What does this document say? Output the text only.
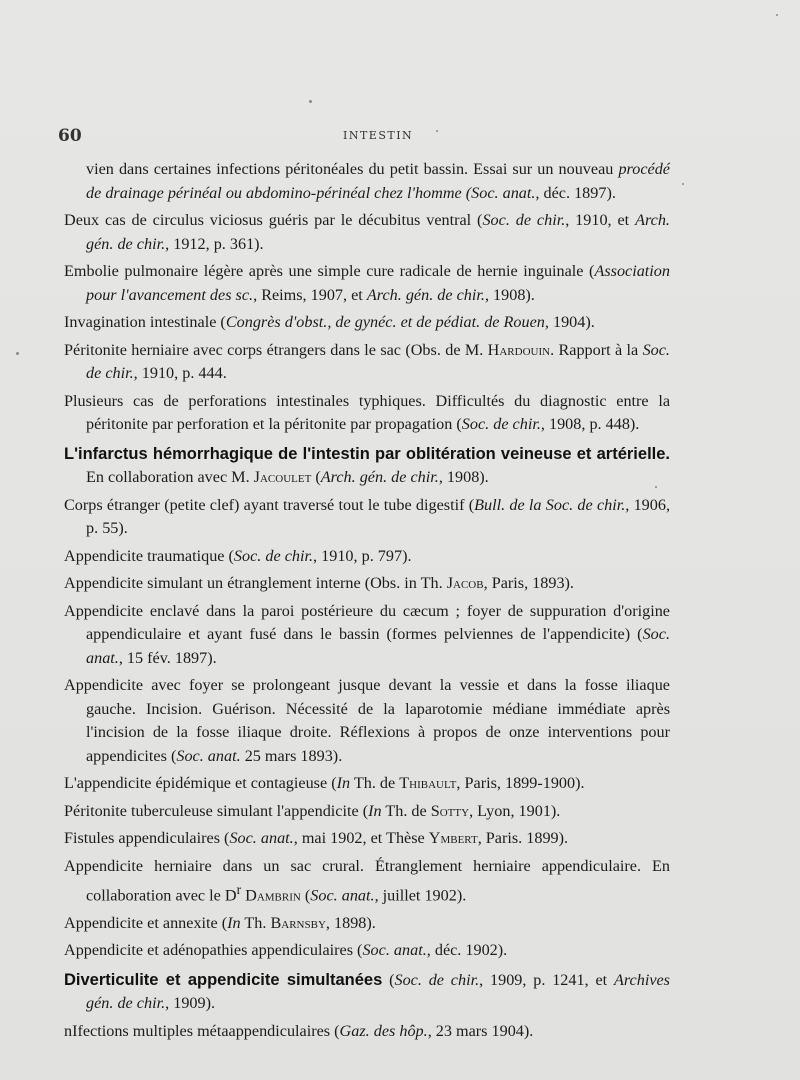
60	INTESTIN

vien dans certaines infections péritonéales du petit bassin. Essai sur un nouveau procédé de drainage périnéal ou abdomino-périnéal chez l'homme (Soc. anat., déc. 1897).

Deux cas de circulus viciosus guéris par le décubitus ventral (Soc. de chir., 1910, et Arch. gén. de chir., 1912, p. 361).

Embolie pulmonaire légère après une simple cure radicale de hernie inguinale (Association pour l'avancement des sc., Reims, 1907, et Arch. gén. de chir., 1908).

Invagination intestinale (Congrès d'obst., de gynéc. et de pédiat. de Rouen, 1904).

Péritonite herniaire avec corps étrangers dans le sac (Obs. de M. Hardouin. Rapport à la Soc. de chir., 1910, p. 444.

Plusieurs cas de perforations intestinales typhiques. Difficultés du diagnostic entre la péritonite par perforation et la péritonite par propagation (Soc. de chir., 1908, p. 448).

L'infarctus hémorrhagique de l'intestin par oblitération veineuse et artérielle. En collaboration avec M. Jacoulet (Arch. gén. de chir., 1908).

Corps étranger (petite clef) ayant traversé tout le tube digestif (Bull. de la Soc. de chir., 1906, p. 55).

Appendicite traumatique (Soc. de chir., 1910, p. 797).

Appendicite simulant un étranglement interne (Obs. in Th. Jacob, Paris, 1893).

Appendicite enclavé dans la paroi postérieure du cæcum ; foyer de suppuration d'origine appendiculaire et ayant fusé dans le bassin (formes pelviennes de l'appendicite) (Soc. anat., 15 fév. 1897).

Appendicite avec foyer se prolongeant jusque devant la vessie et dans la fosse iliaque gauche. Incision. Guérison. Nécessité de la laparotomie médiane immédiate après l'incision de la fosse iliaque droite. Réflexions à propos de onze interventions pour appendicites (Soc. anat. 25 mars 1893).

L'appendicite épidémique et contagieuse (In Th. de Thibault, Paris, 1899-1900).

Péritonite tuberculeuse simulant l'appendicite (In Th. de Sotty, Lyon, 1901).

Fistules appendiculaires (Soc. anat., mai 1902, et Thèse Ymbert, Paris. 1899).

Appendicite herniaire dans un sac crural. Étranglement herniaire appendiculaire. En collaboration avec le $D^r$ Dambrin (Soc. anat., juillet 1902).

Appendicite et annexite (In Th. Barnsby, 1898).

Appendicite et adénopathies appendiculaires (Soc. anat., déc. 1902).

Diverticulite et appendicite simultanées (Soc. de chir., 1909, p. 1241, et Archives gén. de chir., 1909).

nIfections multiples métaappendiculaires (Gaz. des hôp., 23 mars 1904).
